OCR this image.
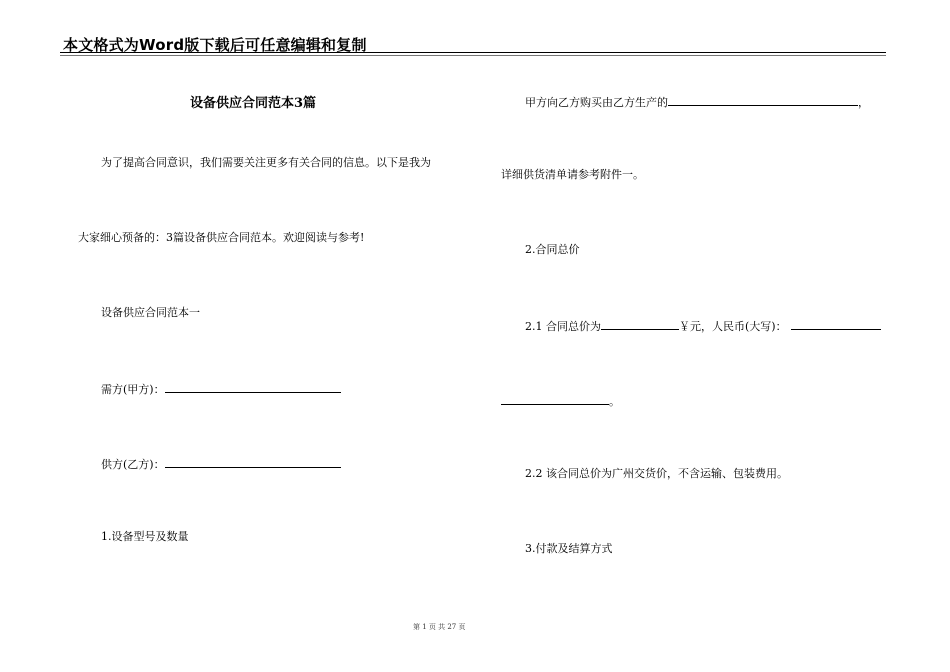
本文格式为Word版下载后可任意编辑和复制
设备供应合同范本3篇
为了提高合同意识，我们需要关注更多有关合同的信息。以下是我为
大家细心预备的：3篇设备供应合同范本。欢迎阅读与参考!
设备供应合同范本一
需方(甲方)：
供方(乙方)：
1.设备型号及数量
甲方向乙方购买由乙方生产的	，
详细供货清单请参考附件一。
2.合同总价
2.1 合同总价为	￥元，人民币(大写)：
。
2.2 该合同总价为广州交货价，不含运输、包装费用。
3.付款及结算方式
第 1 页 共 27 页
